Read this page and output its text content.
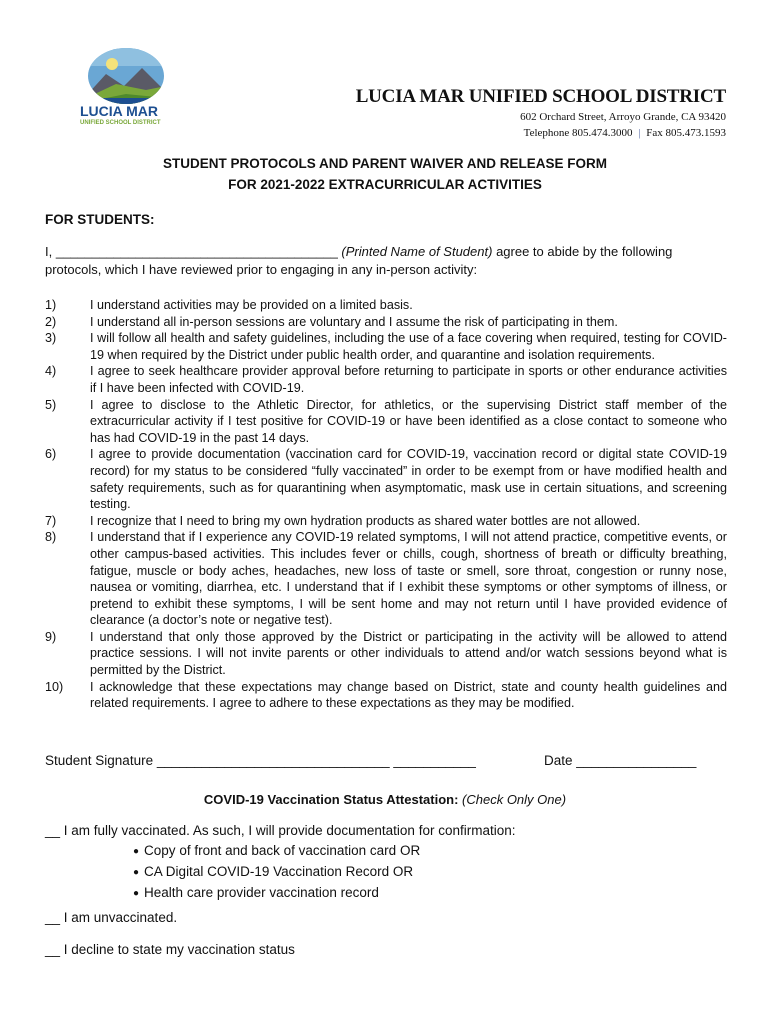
LUCIA MAR
UNIFIED SCHOOL DISTRICT
LUCIA MAR UNIFIED SCHOOL DISTRICT
602 Orchard Street, Arroyo Grande, CA 93420
Telephone 805.474.3000 | Fax 805.473.1593
STUDENT PROTOCOLS AND PARENT WAIVER AND RELEASE FORM
FOR 2021-2022 EXTRACURRICULAR ACTIVITIES
FOR STUDENTS:
I, _______________________________________ (Printed Name of Student) agree to abide by the following protocols, which I have reviewed prior to engaging in any in-person activity:
1)	I understand activities may be provided on a limited basis.
2)	I understand all in-person sessions are voluntary and I assume the risk of participating in them.
3)	I will follow all health and safety guidelines, including the use of a face covering when required, testing for COVID-19 when required by the District under public health order, and quarantine and isolation requirements.
4)	I agree to seek healthcare provider approval before returning to participate in sports or other endurance activities if I have been infected with COVID-19.
5)	I agree to disclose to the Athletic Director, for athletics, or the supervising District staff member of the extracurricular activity if I test positive for COVID-19 or have been identified as a close contact to someone who has had COVID-19 in the past 14 days.
6)	I agree to provide documentation (vaccination card for COVID-19, vaccination record or digital state COVID-19 record) for my status to be considered “fully vaccinated” in order to be exempt from or have modified health and safety requirements, such as for quarantining when asymptomatic, mask use in certain situations, and screening testing.
7)	I recognize that I need to bring my own hydration products as shared water bottles are not allowed.
8)	I understand that if I experience any COVID-19 related symptoms, I will not attend practice, competitive events, or other campus-based activities. This includes fever or chills, cough, shortness of breath or difficulty breathing, fatigue, muscle or body aches, headaches, new loss of taste or smell, sore throat, congestion or runny nose, nausea or vomiting, diarrhea, etc. I understand that if I exhibit these symptoms or other symptoms of illness, or pretend to exhibit these symptoms, I will be sent home and may not return until I have provided evidence of clearance (a doctor’s note or negative test).
9)	I understand that only those approved by the District or participating in the activity will be allowed to attend practice sessions. I will not invite parents or other individuals to attend and/or watch sessions beyond what is permitted by the District.
10)	I acknowledge that these expectations may change based on District, state and county health guidelines and related requirements. I agree to adhere to these expectations as they may be modified.
Student Signature _______________________________ ___________	Date ________________
COVID-19 Vaccination Status Attestation: (Check Only One)
__ I am fully vaccinated. As such, I will provide documentation for confirmation:
● Copy of front and back of vaccination card OR
● CA Digital COVID-19 Vaccination Record OR
● Health care provider vaccination record
__ I am unvaccinated.
__ I decline to state my vaccination status
